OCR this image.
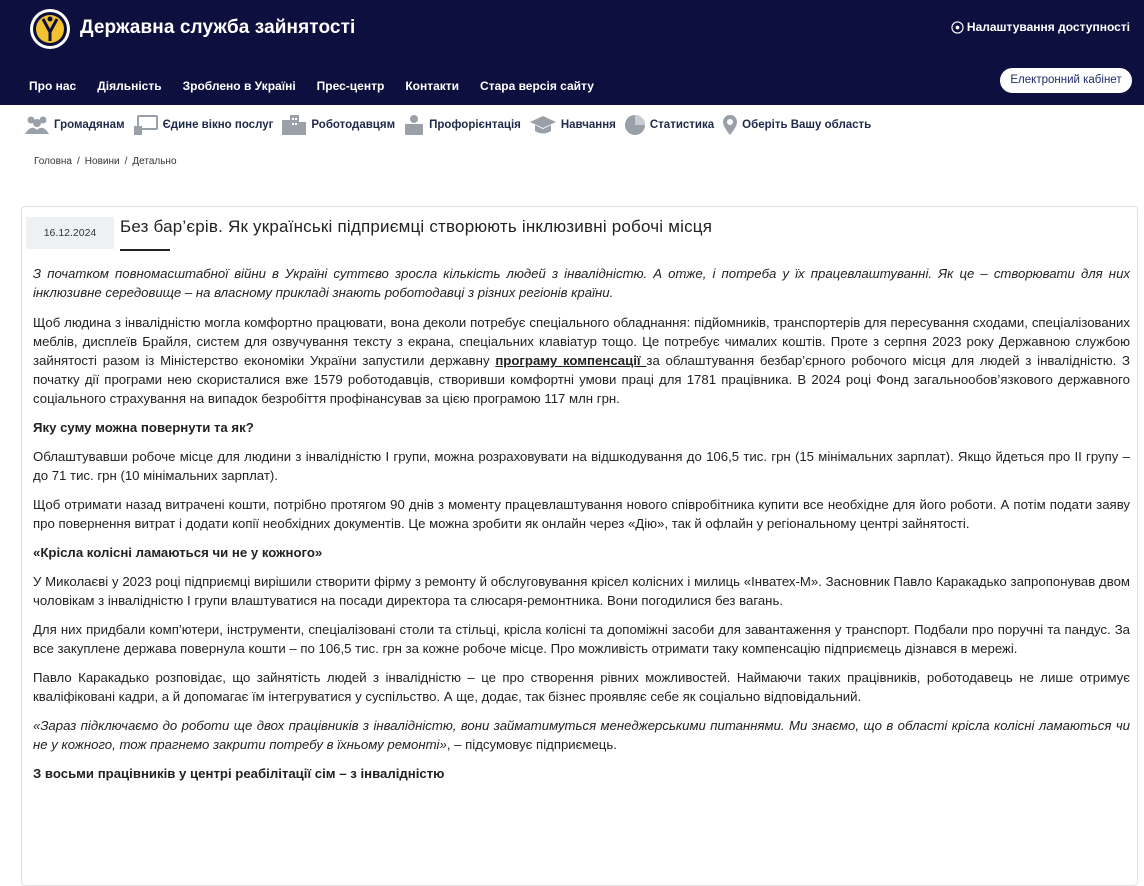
Державна служба зайнятості	Налаштування доступності
Про нас Діяльність Зроблено в Україні Прес-центр Контакти Стара версія сайту	Електронний кабінет
Громадянам	Єдине вікно послуг	Роботодавцям	Профорієнтація	Навчання	Статистика Оберіть Вашу область
Головна / Новини / Детально
16.12.2024	Без бар’єрів. Як українські підприємці створюють інклюзивні робочі місця

З початком повномасштабної війни в Україні суттєво зросла кількість людей з інвалідністю. А отже, і потреба у їх працевлаштуванні. Як це – створювати для них інклюзивне середовище – на власному прикладі знають роботодавці з різних регіонів країни.

Щоб людина з інвалідністю могла комфортно працювати, вона деколи потребує спеціального обладнання: підйомників, транспортерів для пересування сходами, спеціалізованих меблів, дисплеїв Брайля, систем для озвучування тексту з екрана, спеціальних клавіатур тощо. Це потребує чималих коштів. Проте з серпня 2023 року Державною службою зайнятості разом із Міністерство економіки України запустили державну програму компенсації за облаштування безбар’єрного робочого місця для людей з інвалідністю. З початку дії програми нею скористалися вже 1579 роботодавців, створивши комфортні умови праці для 1781 працівника. В 2024 році Фонд загальнообов’язкового державного соціального страхування на випадок безробіття профінансував за цією програмою 117 млн грн.

Яку суму можна повернути та як?

Облаштувавши робоче місце для людини з інвалідністю І групи, можна розраховувати на відшкодування до 106,5 тис. грн (15 мінімальних зарплат). Якщо йдеться про ІІ групу – до 71 тис. грн (10 мінімальних зарплат).

Щоб отримати назад витрачені кошти, потрібно протягом 90 днів з моменту працевлаштування нового співробітника купити все необхідне для його роботи. А потім подати заяву про повернення витрат і додати копії необхідних документів. Це можна зробити як онлайн через «Дію», так й офлайн у регіональному центрі зайнятості.

«Крісла колісні ламаються чи не у кожного»

У Миколаєві у 2023 році підприємці вирішили створити фірму з ремонту й обслуговування крісел колісних і милиць «Інватех-М». Засновник Павло Каракадько запропонував двом чоловікам з інвалідністю І групи влаштуватися на посади директора та слюсаря-ремонтника. Вони погодилися без вагань.

Для них придбали комп’ютери, інструменти, спеціалізовані столи та стільці, крісла колісні та допоміжні засоби для завантаження у транспорт. Подбали про поручні та пандус. За все закуплене держава повернула кошти – по 106,5 тис. грн за кожне робоче місце. Про можливість отримати таку компенсацію підприємець дізнався в мережі.

Павло Каракадько розповідає, що зайнятість людей з інвалідністю – це про створення рівних можливостей. Наймаючи таких працівників, роботодавець не лише отримує кваліфіковані кадри, а й допомагає їм інтегруватися у суспільство. А ще, додає, так бізнес проявляє себе як соціально відповідальний.

«Зараз підключаємо до роботи ще двох працівників з інвалідністю, вони займатимуться менеджерськими питаннями. Ми знаємо, що в області крісла колісні ламаються чи не у кожного, тож прагнемо закрити потребу в їхньому ремонті», – підсумовує підприємець.

З восьми працівників у центрі реабілітації сім – з інвалідністю
